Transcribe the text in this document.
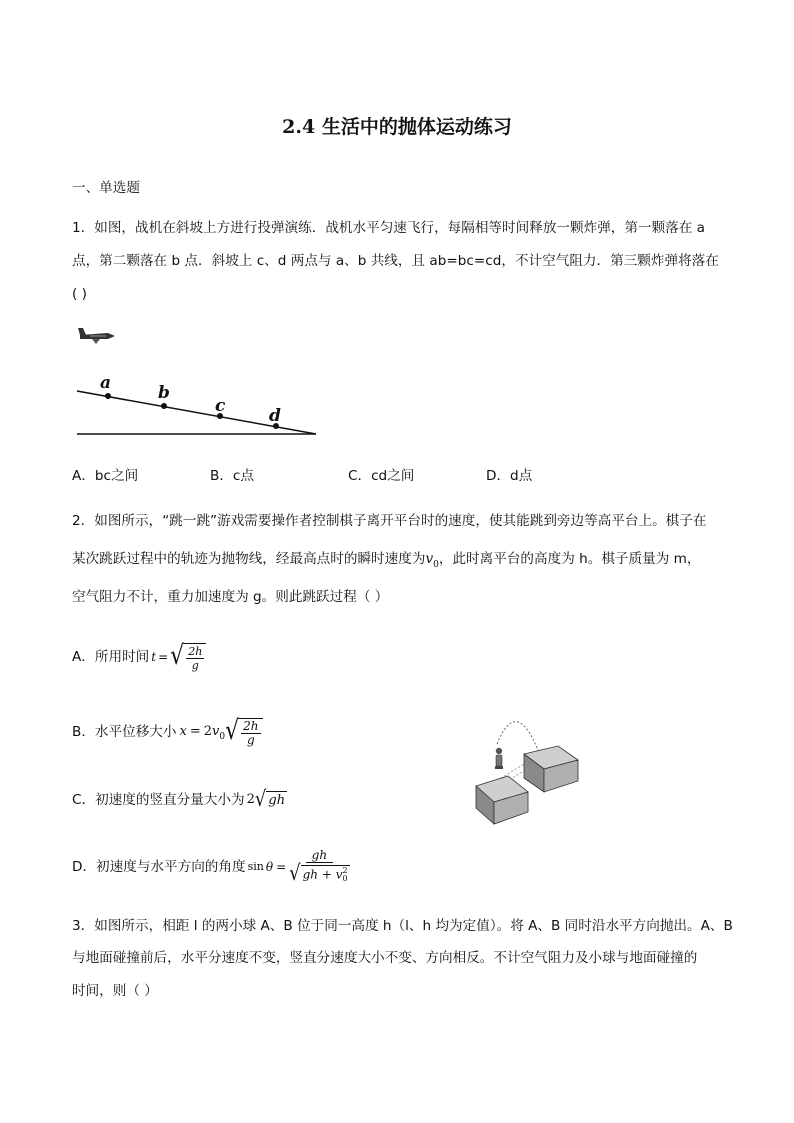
2.4 生活中的抛体运动练习
一、单选题
1．如图，战机在斜坡上方进行投弹演练．战机水平匀速飞行，每隔相等时间释放一颗炸弹，第一颗落在 a
点，第二颗落在 b 点．斜坡上 c、d 两点与 a、b 共线，且 ab=bc=cd，不计空气阻力．第三颗炸弹将落在
( )
a	b
c	d
A．bc之间	B．c点	C．cd之间	D．d点
2．如图所示，“跳一跳”游戏需要操作者控制棋子离开平台时的速度，使其能跳到旁边等高平台上。棋子在
某次跳跃过程中的轨迹为抛物线，经最高点时的瞬时速度为$v_0$，此时离平台的高度为 h。棋子质量为 m，
空气阻力不计，重力加速度为 g。则此跳跃过程（ ）
A．所用时间 t = √ $\frac{2h}{g}$
B．水平位移大小 x = 2 $v_0$ √ $\frac{2h}{g}$
C．初速度的竖直分量大小为 2 √ gh
D．初速度与水平方向的角度 sin θ = gh
√ gh + v 2
0
3．如图所示，相距 l 的两小球 A、B 位于同一高度 h（l、h 均为定值）。将 A、B 同时沿水平方向抛出。A、B
与地面碰撞前后，水平分速度不变，竖直分速度大小不变、方向相反。不计空气阻力及小球与地面碰撞的
时间，则（ ）
